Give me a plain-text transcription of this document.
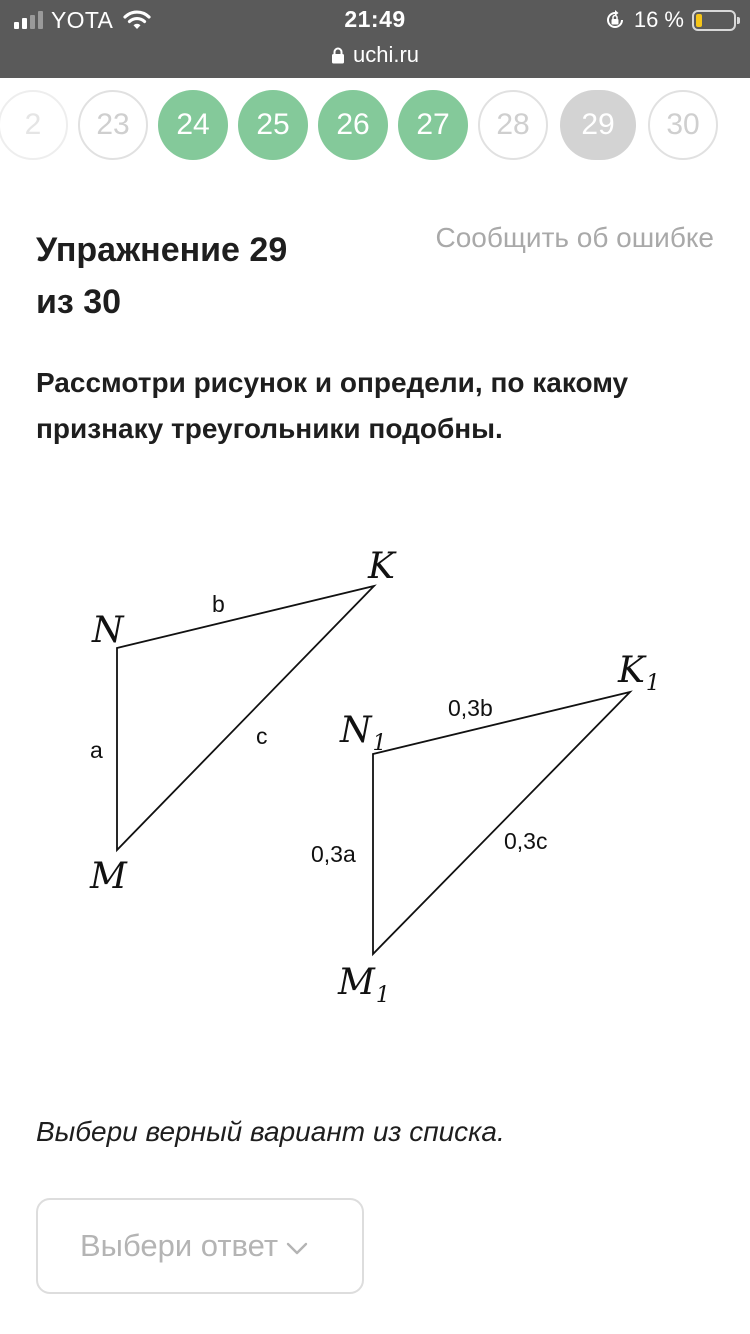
YOTA	21:49	16 %
uchi.ru
2	23	24	25	26	27	28	29	30
Упражнение 29
из 30
Сообщить об ошибке
Рассмотри рисунок и определи, по какому
признаку треугольники подобны.
N
K
M
b
a
c $N_1$
$K_1$
$M_1$
0,3b
0,3a	0,3c
Выбери верный вариант из списка.
Выбери ответ
